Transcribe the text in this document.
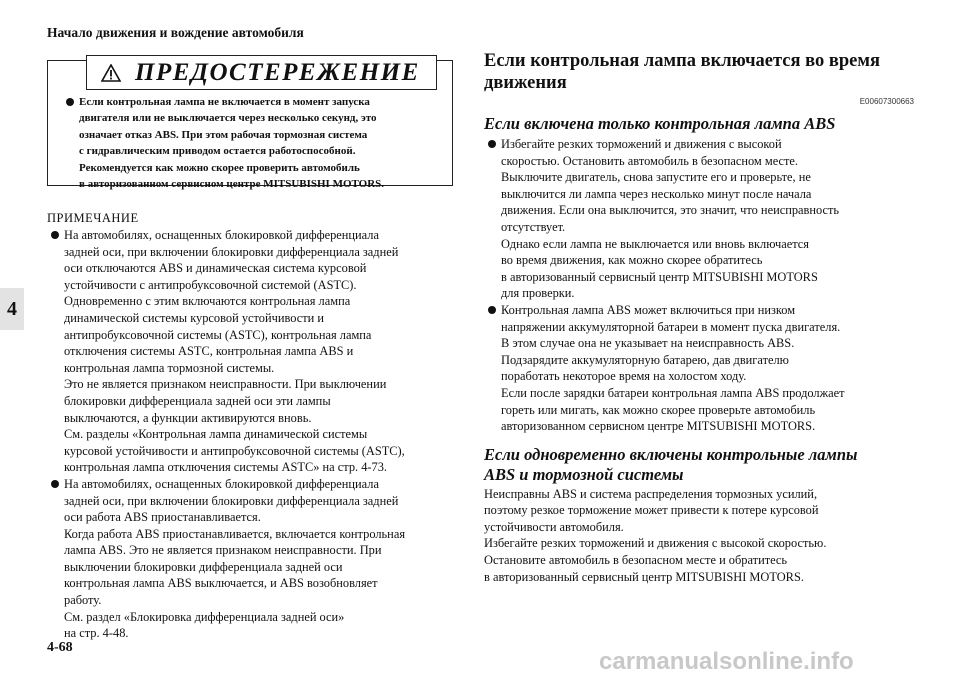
Начало движения и вождение автомобиля
4
ПРЕДОСТЕРЕЖЕНИЕ
Если контрольная лампа не включается в момент запуска
двигателя или не выключается через несколько секунд, это
означает отказ ABS. При этом рабочая тормозная система
с гидравлическим приводом остается работоспособной.
Рекомендуется как можно скорее проверить автомобиль
в авторизованном сервисном центре MITSUBISHI MOTORS.
ПРИМЕЧАНИЕ
На автомобилях, оснащенных блокировкой дифференциала
задней оси, при включении блокировки дифференциала задней
оси отключаются ABS и динамическая система курсовой
устойчивости с антипробуксовочной системой (ASTC).
Одновременно с этим включаются контрольная лампа
динамической системы курсовой устойчивости и
антипробуксовочной системы (ASTC), контрольная лампа
отключения системы ASTC, контрольная лампа ABS и
контрольная лампа тормозной системы.
Это не является признаком неисправности. При выключении
блокировки дифференциала задней оси эти лампы
выключаются, а функции активируются вновь.
См. разделы «Контрольная лампа динамической системы
курсовой устойчивости и антипробуксовочной системы (ASTC),
контрольная лампа отключения системы ASTC» на стр. 4-73.
На автомобилях, оснащенных блокировкой дифференциала
задней оси, при включении блокировки дифференциала задней
оси работа ABS приостанавливается.
Когда работа ABS приостанавливается, включается контрольная
лампа ABS. Это не является признаком неисправности. При
выключении блокировки дифференциала задней оси
контрольная лампа ABS выключается, и ABS возобновляет
работу.
См. раздел «Блокировка дифференциала задней оси»
на стр. 4-48.
Если контрольная лампа включается во время
движения
E00607300663
Если включена только контрольная лампа ABS
Избегайте резких торможений и движения с высокой
скоростью. Остановить автомобиль в безопасном месте.
Выключите двигатель, снова запустите его и проверьте, не
выключится ли лампа через несколько минут после начала
движения. Если она выключится, это значит, что неисправность
отсутствует.
Однако если лампа не выключается или вновь включается
во время движения, как можно скорее обратитесь
в авторизованный сервисный центр MITSUBISHI MOTORS
для проверки.
Контрольная лампа ABS может включиться при низком
напряжении аккумуляторной батареи в момент пуска двигателя.
В этом случае она не указывает на неисправность ABS.
Подзарядите аккумуляторную батарею, дав двигателю
поработать некоторое время на холостом ходу.
Если после зарядки батареи контрольная лампа ABS продолжает
гореть или мигать, как можно скорее проверьте автомобиль
авторизованном сервисном центре MITSUBISHI MOTORS.
Если одновременно включены контрольные лампы
ABS и тормозной системы
Неисправны ABS и система распределения тормозных усилий,
поэтому резкое торможение может привести к потере курсовой
устойчивости автомобиля.
Избегайте резких торможений и движения с высокой скоростью.
Остановите автомобиль в безопасном месте и обратитесь
в авторизованный сервисный центр MITSUBISHI MOTORS.
4-68
carmanualsonline.info
